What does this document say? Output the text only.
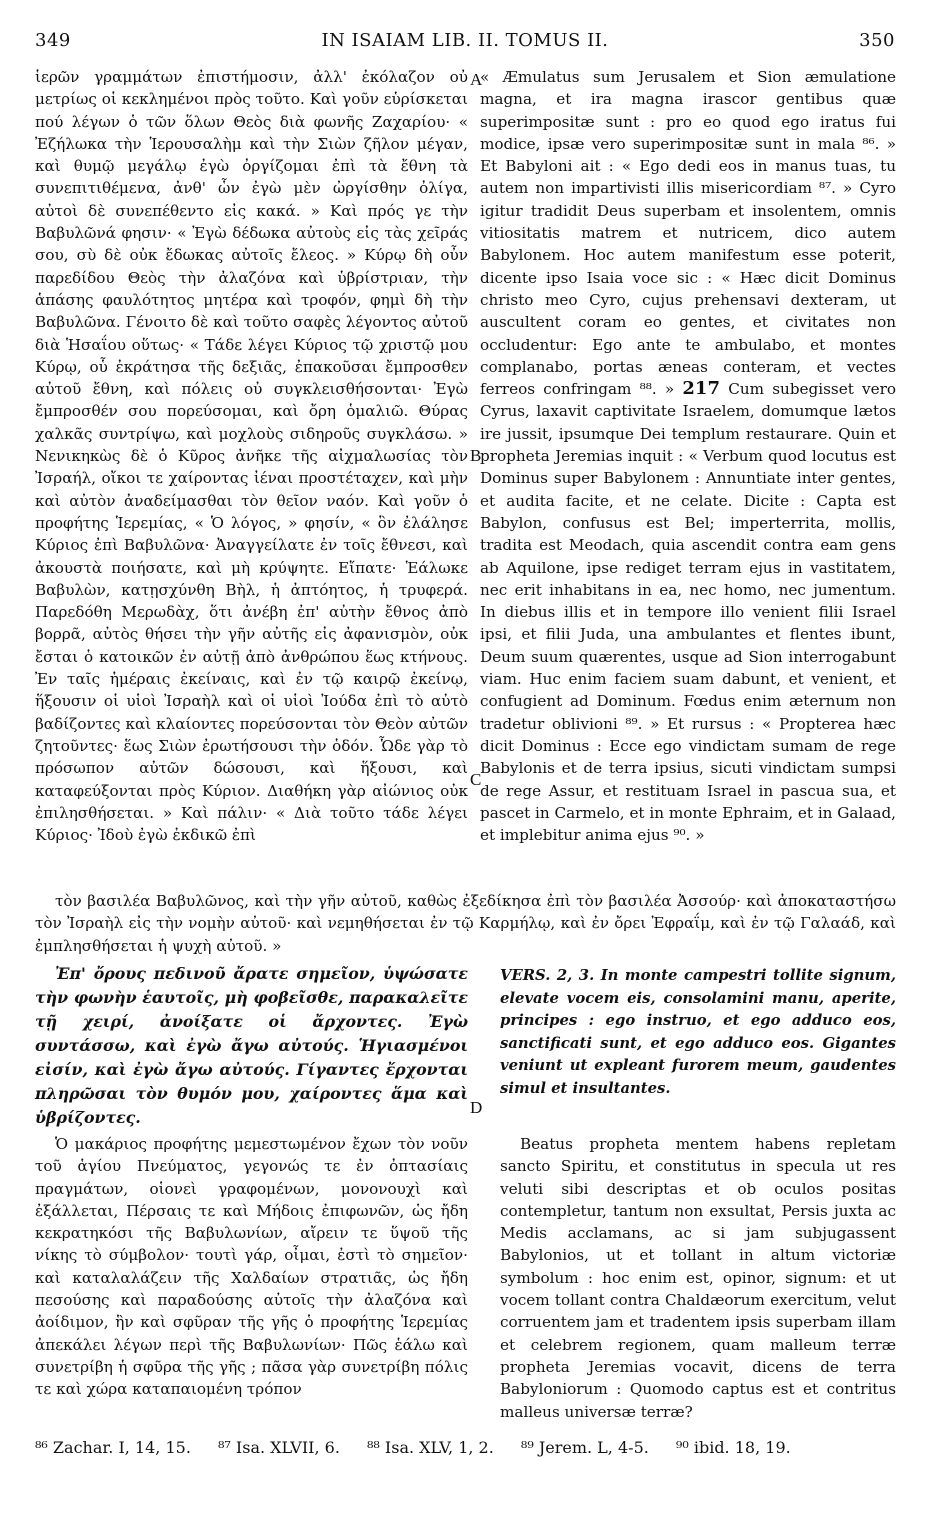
349	IN ISAIAM LIB. II. TOMUS II.	350

ἱερῶν γραμμάτων ἐπιστήμοσιν, ἀλλ' ἐκόλαζον οὐ μετρίως οἱ κεκλημένοι πρὸς τοῦτο. Καὶ γοῦν εὑρίσκεται πού λέγων ὁ τῶν ὅλων Θεὸς διὰ φωνῆς Ζαχαρίου· « Ἐζήλωκα τὴν Ἱερουσαλὴμ καὶ τὴν Σιὼν ζῆλον μέγαν, καὶ θυμῷ μεγάλῳ ἐγὼ ὀργίζομαι ἐπὶ τὰ ἔθνη τὰ συνεπιτιθέμενα, ἀνθ' ὧν ἐγὼ μὲν ὠργίσθην ὀλίγα, αὐτοὶ δὲ συνεπέθεντο εἰς κακά. » Καὶ πρός γε τὴν Βαβυλῶνά φησιν· « Ἐγὼ δέδωκα αὐτοὺς εἰς τὰς χεῖράς σου, σὺ δὲ οὐκ ἔδωκας αὐτοῖς ἔλεος. » Κύρῳ δὴ οὖν παρεδίδου Θεὸς τὴν ἀλαζόνα καὶ ὑβρίστριαν, τὴν ἁπάσης φαυλότητος μητέρα καὶ τροφόν, φημὶ δὴ τὴν Βαβυλῶνα. Γένοιτο δὲ καὶ τοῦτο σαφὲς λέγοντος αὐτοῦ διὰ Ἡσαΐου οὕτως· « Τάδε λέγει Κύριος τῷ χριστῷ μου Κύρῳ, οὗ ἐκράτησα τῆς δεξιᾶς, ἐπακοῦσαι ἔμπροσθεν αὐτοῦ ἔθνη, καὶ πόλεις οὐ συγκλεισθήσονται· Ἐγὼ ἔμπροσθέν σου πορεύσομαι, καὶ ὄρη ὁμαλιῶ. Θύρας χαλκᾶς συντρίψω, καὶ μοχλοὺς σιδηροῦς συγκλάσω. » Νενικηκὼς δὲ ὁ Κῦρος ἀνῆκε τῆς αἰχμαλωσίας τὸν Ἰσραήλ, οἴκοι τε χαίροντας ἰέναι προστέταχεν, καὶ μὴν καὶ αὐτὸν ἀναδείμασθαι τὸν θεῖον ναόν. Καὶ γοῦν ὁ προφήτης Ἱερεμίας, « Ὁ λόγος, » φησίν, « ὃν ἐλάλησε Κύριος ἐπὶ Βαβυλῶνα· Ἀναγγείλατε ἐν τοῖς ἔθνεσι, καὶ ἀκουστὰ ποιήσατε, καὶ μὴ κρύψητε. Εἴπατε· Ἑάλωκε Βαβυλὼν, κατῃσχύνθη Βὴλ, ἡ ἀπτόητος, ἡ τρυφερά. Παρεδόθη Μερωδὰχ, ὅτι ἀνέβη ἐπ' αὐτὴν ἔθνος ἀπὸ βορρᾶ, αὐτὸς θήσει τὴν γῆν αὐτῆς εἰς ἀφανισμὸν, οὐκ ἔσται ὁ κατοικῶν ἐν αὐτῇ ἀπὸ ἀνθρώπου ἕως κτήνους. Ἐν ταῖς ἡμέραις ἐκείναις, καὶ ἐν τῷ καιρῷ ἐκείνῳ, ἥξουσιν οἱ υἱοὶ Ἰσραὴλ καὶ οἱ υἱοὶ Ἰούδα ἐπὶ τὸ αὐτὸ βαδίζοντες καὶ κλαίοντες πορεύσονται τὸν Θεὸν αὐτῶν ζητοῦντες· ἕως Σιὼν ἐρωτήσουσι τὴν ὁδόν. Ὧδε γὰρ τὸ πρόσωπον αὐτῶν δώσουσι, καὶ ἥξουσι, καὶ καταφεύξονται πρὸς Κύριον. Διαθήκη γὰρ αἰώνιος οὐκ ἐπιλησθήσεται. » Καὶ πάλιν· « Διὰ τοῦτο τάδε λέγει Κύριος· Ἰδοὺ ἐγὼ ἐκδικῶ ἐπὶ

« Æmulatus sum Jerusalem et Sion æmulatione magna, et ira magna irascor gentibus quæ superimpositæ sunt : pro eo quod ego iratus fui modice, ipsæ vero superimpositæ sunt in mala ⁸⁶. » Et Babyloni ait : « Ego dedi eos in manus tuas, tu autem non impartivisti illis misericordiam ⁸⁷. » Cyro igitur tradidit Deus superbam et insolentem, omnis vitiositatis matrem et nutricem, dico autem Babylonem. Hoc autem manifestum esse poterit, dicente ipso Isaia voce sic : « Hæc dicit Dominus christo meo Cyro, cujus prehensavi dexteram, ut auscultent coram eo gentes, et civitates non occludentur: Ego ante te ambulabo, et montes complanabo, portas æneas conteram, et vectes ferreos confringam ⁸⁸. » 217 Cum subegisset vero Cyrus, laxavit captivitate Israelem, domumque lætos ire jussit, ipsumque Dei templum restaurare. Quin et propheta Jeremias inquit : « Verbum quod locutus est Dominus super Babylonem : Annuntiate inter gentes, et audita facite, et ne celate. Dicite : Capta est Babylon, confusus est Bel; imperterrita, mollis, tradita est Meodach, quia ascendit contra eam gens ab Aquilone, ipse rediget terram ejus in vastitatem, nec erit inhabitans in ea, nec homo, nec jumentum. In diebus illis et in tempore illo venient filii Israel ipsi, et filii Juda, una ambulantes et flentes ibunt, Deum suum quærentes, usque ad Sion interrogabunt viam. Huc enim faciem suam dabunt, et venient, et confugient ad Dominum. Fœdus enim æternum non tradetur oblivioni ⁸⁹. » Et rursus : « Propterea hæc dicit Dominus : Ecce ego vindictam sumam de rege Babylonis et de terra ipsius, sicuti vindictam sumpsi de rege Assur, et restituam Israel in pascua sua, et pascet in Carmelo, et in monte Ephraim, et in Galaad, et implebitur anima ejus ⁹⁰. »

A
B
C
D

τὸν βασιλέα Βαβυλῶνος, καὶ τὴν γῆν αὐτοῦ, καθὼς ἐξεδίκησα ἐπὶ τὸν βασιλέα Ἀσσούρ· καὶ ἀποκαταστήσω τὸν Ἰσραὴλ εἰς τὴν νομὴν αὐτοῦ· καὶ νεμηθήσεται ἐν τῷ Καρμήλῳ, καὶ ἐν ὄρει Ἐφραΐμ, καὶ ἐν τῷ Γαλαάδ, καὶ ἐμπλησθήσεται ἡ ψυχὴ αὐτοῦ. »

Ἐπ' ὄρους πεδινοῦ ἄρατε σημεῖον, ὑψώσατε τὴν φωνὴν ἑαυτοῖς, μὴ φοβεῖσθε, παρακαλεῖτε τῇ χειρί, ἀνοίξατε οἱ ἄρχοντες. Ἐγὼ συντάσσω, καὶ ἐγὼ ἄγω αὐτούς. Ἡγιασμένοι εἰσίν, καὶ ἐγὼ ἄγω αὐτούς. Γίγαντες ἔρχονται πληρῶσαι τὸν θυμόν μου, χαίροντες ἅμα καὶ ὑβρίζοντες.

VERS. 2, 3. In monte campestri tollite signum, elevate vocem eis, consolamini manu, aperite, principes : ego instruo, et ego adduco eos, sanctificati sunt, et ego adduco eos. Gigantes veniunt ut expleant furorem meum, gaudentes simul et insultantes.

Ὁ μακάριος προφήτης μεμεστωμένον ἔχων τὸν νοῦν τοῦ ἁγίου Πνεύματος, γεγονώς τε ἐν ὀπτασίαις πραγμάτων, οἱονεὶ γραφομένων, μονονουχὶ καὶ ἐξάλλεται, Πέρσαις τε καὶ Μήδοις ἐπιφωνῶν, ὡς ἤδη κεκρατηκόσι τῆς Βαβυλωνίων, αἴρειν τε ὕψοῦ τῆς νίκης τὸ σύμβολον· τουτὶ γάρ, οἶμαι, ἐστὶ τὸ σημεῖον· καὶ καταλαλάζειν τῆς Χαλδαίων στρατιᾶς, ὡς ἤδη πεσούσης καὶ παραδούσης αὐτοῖς τὴν ἀλαζόνα καὶ ἀοίδιμον, ἣν καὶ σφῦραν τῆς γῆς ὁ προφήτης Ἱερεμίας ἀπεκάλει λέγων περὶ τῆς Βαβυλωνίων· Πῶς ἑάλω καὶ συνετρίβη ἡ σφῦρα τῆς γῆς ; πᾶσα γὰρ συνετρίβη πόλις τε καὶ χώρα καταπαιομένη τρόπον

Beatus propheta mentem habens repletam sancto Spiritu, et constitutus in specula ut res veluti sibi descriptas et ob oculos positas contempletur, tantum non exsultat, Persis juxta ac Medis acclamans, ac si jam subjugassent Babylonios, ut et tollant in altum victoriæ symbolum : hoc enim est, opinor, signum: et ut vocem tollant contra Chaldæorum exercitum, velut corruentem jam et tradentem ipsis superbam illam et celebrem regionem, quam malleum terræ propheta Jeremias vocavit, dicens de terra Babyloniorum : Quomodo captus est et contritus malleus universæ terræ?

⁸⁶ Zachar. I, 14, 15. ⁸⁷ Isa. XLVII, 6. ⁸⁸ Isa. XLV, 1, 2. ⁸⁹ Jerem. L, 4-5. ⁹⁰ ibid. 18, 19.
